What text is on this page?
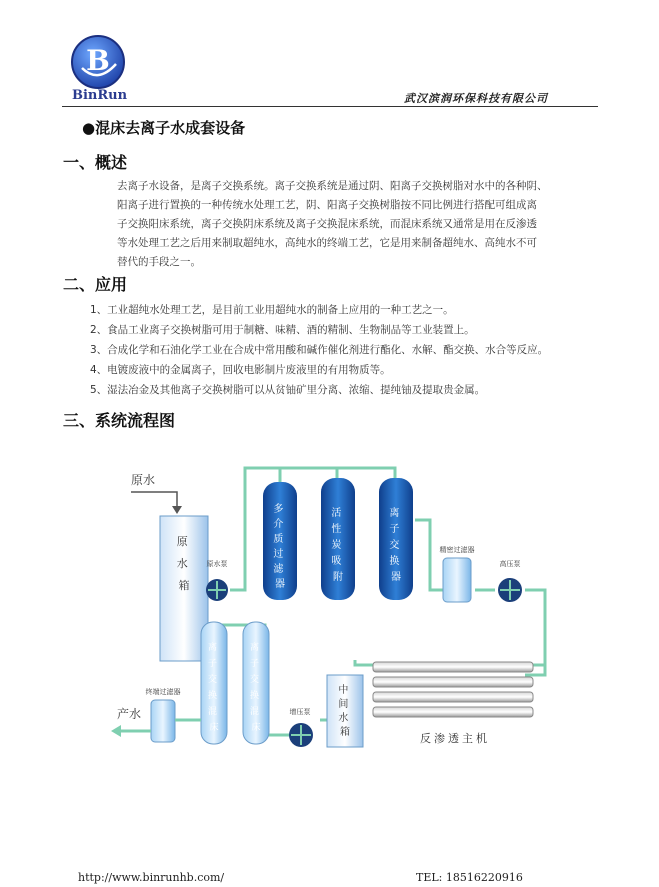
B
BinRun	武汉滨润环保科技有限公司
●混床去离子水成套设备
一、概述
去离子水设备，是离子交换系统。离子交换系统是通过阴、阳离子交换树脂对水中的各种阴、
阳离子进行置换的一种传统水处理工艺，阴、阳离子交换树脂按不同比例进行搭配可组成离
子交换阳床系统，离子交换阴床系统及离子交换混床系统，而混床系统又通常是用在反渗透
等水处理工艺之后用来制取超纯水，高纯水的终端工艺，它是用来制备超纯水、高纯水不可
替代的手段之一。
二、应用
1、工业超纯水处理工艺，是目前工业用超纯水的制备上应用的一种工艺之一。
2、食品工业离子交换树脂可用于制糖、味精、酒的精制、生物制品等工业装置上。
3、合成化学和石油化学工业在合成中常用酸和碱作催化剂进行酯化、水解、酯交换、水合等反应。
4、电镀废液中的金属离子，回收电影制片废液里的有用物质等。
5、湿法冶金及其他离子交换树脂可以从贫铀矿里分离、浓缩、提纯铀及提取贵金属。
三、系统流程图
原水
原 水 箱
原水泵
多 介 质 过 滤 器
活 性 炭 吸 附
离 子 交 换 器
精密过滤器
高压泵
反渗透主机
中 间 水 箱
增压泵
离 子 交 换 混 床
离 子 交 换 混 床
终端过滤器
产水
http://www.binrunhb.com/	TEL: 18516220916
